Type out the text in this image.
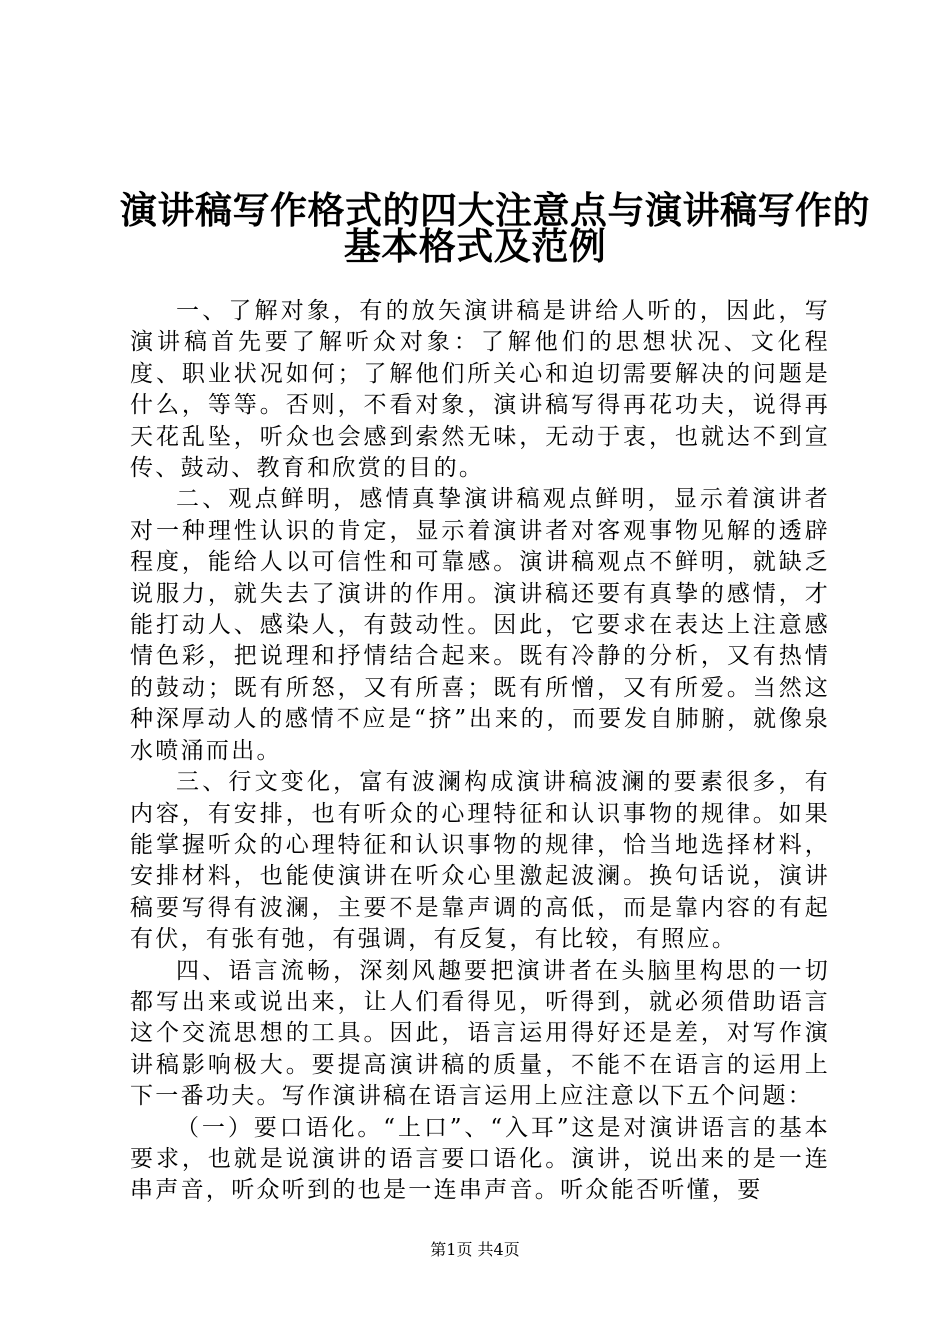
演讲稿写作格式的四大注意点与演讲稿写作的
基本格式及范例

一、了解对象，有的放矢演讲稿是讲给人听的，因此，写演讲稿首先要了解听众对象：了解他们的思想状况、文化程度、职业状况如何；了解他们所关心和迫切需要解决的问题是什么，等等。否则，不看对象，演讲稿写得再花功夫，说得再天花乱坠，听众也会感到索然无味，无动于衷，也就达不到宣传、鼓动、教育和欣赏的目的。

二、观点鲜明，感情真挚演讲稿观点鲜明，显示着演讲者对一种理性认识的肯定，显示着演讲者对客观事物见解的透辟程度，能给人以可信性和可靠感。演讲稿观点不鲜明，就缺乏说服力，就失去了演讲的作用。演讲稿还要有真挚的感情，才能打动人、感染人，有鼓动性。因此，它要求在表达上注意感情色彩，把说理和抒情结合起来。既有冷静的分析，又有热情的鼓动；既有所怒，又有所喜；既有所憎，又有所爱。当然这种深厚动人的感情不应是“挤”出来的，而要发自肺腑，就像泉水喷涌而出。

三、行文变化，富有波澜构成演讲稿波澜的要素很多，有内容，有安排，也有听众的心理特征和认识事物的规律。如果能掌握听众的心理特征和认识事物的规律，恰当地选择材料，安排材料，也能使演讲在听众心里激起波澜。换句话说，演讲稿要写得有波澜，主要不是靠声调的高低，而是靠内容的有起有伏，有张有弛，有强调，有反复，有比较，有照应。

四、语言流畅，深刻风趣要把演讲者在头脑里构思的一切都写出来或说出来，让人们看得见，听得到，就必须借助语言这个交流思想的工具。因此，语言运用得好还是差，对写作演讲稿影响极大。要提高演讲稿的质量，不能不在语言的运用上下一番功夫。写作演讲稿在语言运用上应注意以下五个问题：

（一）要口语化。“上口”、“入耳”这是对演讲语言的基本要求，也就是说演讲的语言要口语化。演讲，说出来的是一连串声音，听众听到的也是一连串声音。听众能否听懂，要

第1页 共4页
